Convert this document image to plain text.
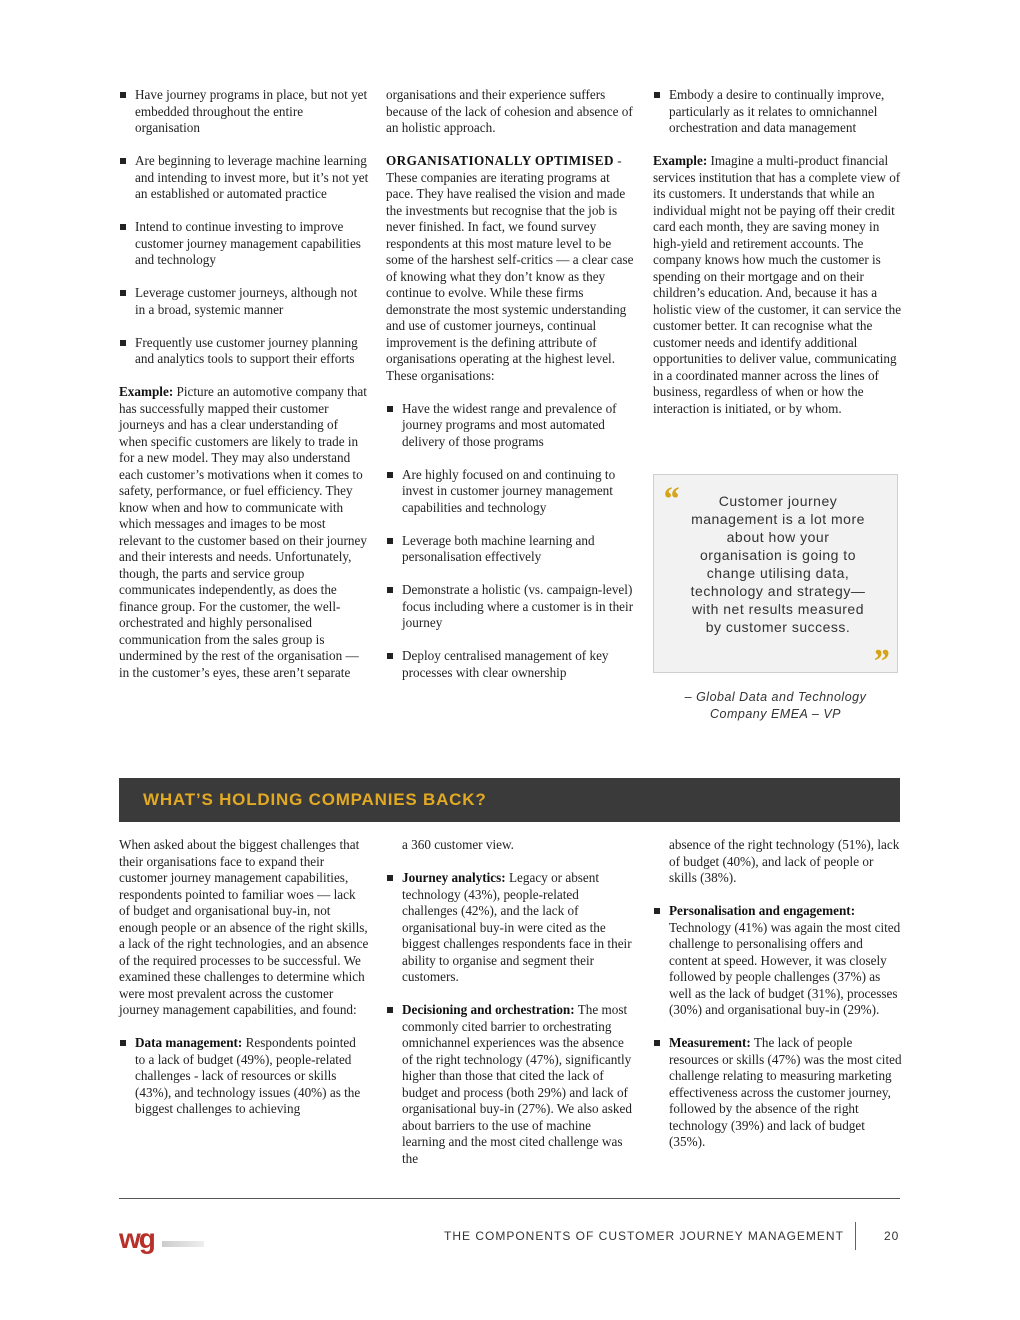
Have journey programs in place, but not yet embedded throughout the entire organisation
Are beginning to leverage machine learning and intending to invest more, but it’s not yet an established or automated practice
Intend to continue investing to improve customer journey management capabilities and technology
Leverage customer journeys, although not in a broad, systemic manner
Frequently use customer journey planning and analytics tools to support their efforts

Example: Picture an automotive company that has successfully mapped their customer journeys and has a clear understanding of when specific customers are likely to trade in for a new model. They may also understand each customer’s motivations when it comes to safety, performance, or fuel efficiency. They know when and how to communicate with which messages and images to be most relevant to the customer based on their journey and their interests and needs. Unfortunately, though, the parts and service group communicates independently, as does the finance group. For the customer, the well-orchestrated and highly personalised communication from the sales group is undermined by the rest of the organisation — in the customer’s eyes, these aren’t separate

organisations and their experience suffers because of the lack of cohesion and absence of an holistic approach.

ORGANISATIONALLY OPTIMISED - These companies are iterating programs at pace. They have realised the vision and made the investments but recognise that the job is never finished. In fact, we found survey respondents at this most mature level to be some of the harshest self-critics — a clear case of knowing what they don’t know as they continue to evolve. While these firms demonstrate the most systemic understanding and use of customer journeys, continual improvement is the defining attribute of organisations operating at the highest level. These organisations:

Have the widest range and prevalence of journey programs and most automated delivery of those programs
Are highly focused on and continuing to invest in customer journey management capabilities and technology
Leverage both machine learning and personalisation effectively
Demonstrate a holistic (vs. campaign-level) focus including where a customer is in their journey
Deploy centralised management of key processes with clear ownership
Embody a desire to continually improve, particularly as it relates to omnichannel orchestration and data management

Example: Imagine a multi-product financial services institution that has a complete view of its customers. It understands that while an individual might not be paying off their credit card each month, they are saving money in high-yield and retirement accounts. The company knows how much the customer is spending on their mortgage and on their children’s education. And, because it has a holistic view of the customer, it can service the customer better. It can recognise what the customer needs and identify additional opportunities to deliver value, communicating in a coordinated manner across the lines of business, regardless of when or how the interaction is initiated, or by whom.

“	Customer journey management is a lot more about how your organisation is going to change utilising data, technology and strategy—with net results measured by customer success.
”
– Global Data and Technology
Company EMEA – VP
WHAT’S HOLDING COMPANIES BACK?

When asked about the biggest challenges that their organisations face to expand their customer journey management capabilities, respondents pointed to familiar woes — lack of budget and organisational buy-in, not enough people or an absence of the right skills, a lack of the right technologies, and an absence of the required processes to be successful. We examined these challenges to determine which were most prevalent across the customer journey management capabilities, and found:

Data management: Respondents pointed to a lack of budget (49%), people-related challenges - lack of resources or skills (43%), and technology issues (40%) as the biggest challenges to achieving

a 360 customer view.

Journey analytics: Legacy or absent technology (43%), people-related challenges (42%), and the lack of organisational buy-in were cited as the biggest challenges respondents face in their ability to organise and segment their customers.
Decisioning and orchestration: The most commonly cited barrier to orchestrating omnichannel experiences was the absence of the right technology (47%), significantly higher than those that cited the lack of budget and process (both 29%) and lack of organisational buy-in (27%). We also asked about barriers to the use of machine learning and the most cited challenge was the

absence of the right technology (51%), lack of budget (40%), and lack of people or skills (38%).

Personalisation and engagement: Technology (41%) was again the most cited challenge to personalising offers and content at speed. However, it was closely followed by people challenges (37%) as well as the lack of budget (31%), processes (30%) and organisational buy-in (29%).
Measurement: The lack of people resources or skills (47%) was the most cited challenge relating to measuring marketing effectiveness across the customer journey, followed by the absence of the right technology (39%) and lack of budget (35%).
wg	THE COMPONENTS OF CUSTOMER JOURNEY MANAGEMENT	20
